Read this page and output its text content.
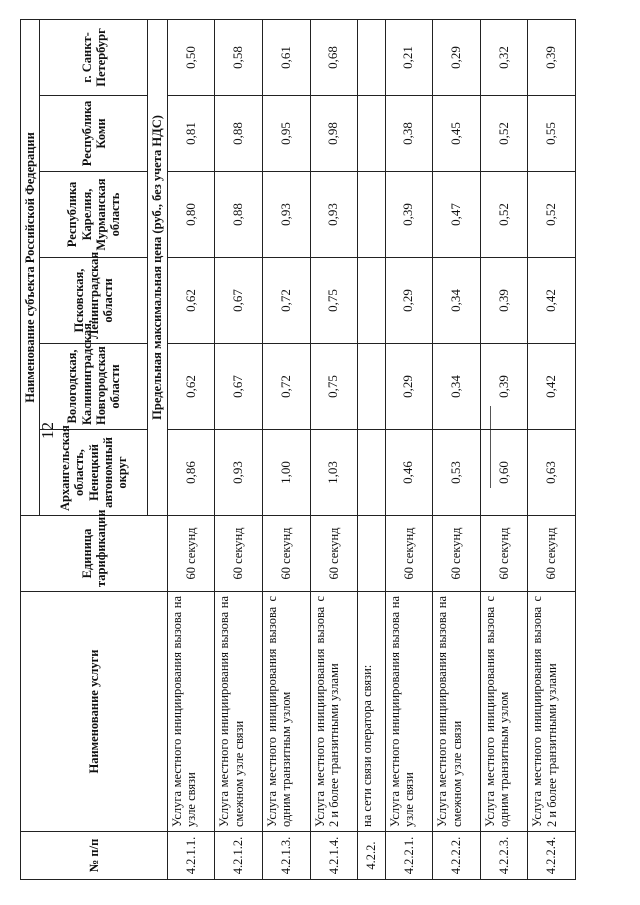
12
№ п/п	Наименование услуги	Единица тарификации	Наименование субъекта Российской Федерации					
			Архангельская область, Ненецкий автономный округ	Вологодская, Калининградская, Новгородская области	Псковская, Ленинградская области	Республика Карелия, Мурманская область	Республика Коми	г. Санкт-Петербург
			Предельная максимальная цена (руб., без учета НДС)					
4.2.1.1.	Услуга местного инициирования вызова на узле связи	60 секунд	0,86	0,62	0,62	0,80	0,81	0,50
4.2.1.2.	Услуга местного инициирования вызова на смежном узле связи	60 секунд	0,93	0,67	0,67	0,88	0,88	0,58
4.2.1.3.	Услуга местного инициирования вызова с одним транзитным узлом	60 секунд	1,00	0,72	0,72	0,93	0,95	0,61
4.2.1.4.	Услуга местного инициирования вызова с 2 и более транзитными узлами	60 секунд	1,03	0,75	0,75	0,93	0,98	0,68
4.2.2.	на сети связи оператора связи:							
4.2.2.1.	Услуга местного инициирования вызова на узле связи	60 секунд	0,46	0,29	0,29	0,39	0,38	0,21
4.2.2.2.	Услуга местного инициирования вызова на смежном узле связи	60 секунд	0,53	0,34	0,34	0,47	0,45	0,29
4.2.2.3.	Услуга местного инициирования вызова с одним транзитным узлом	60 секунд	0,60	0,39	0,39	0,52	0,52	0,32
4.2.2.4.	Услуга местного инициирования вызова с 2 и более транзитными узлами	60 секунд	0,63	0,42	0,42	0,52	0,55	0,39
